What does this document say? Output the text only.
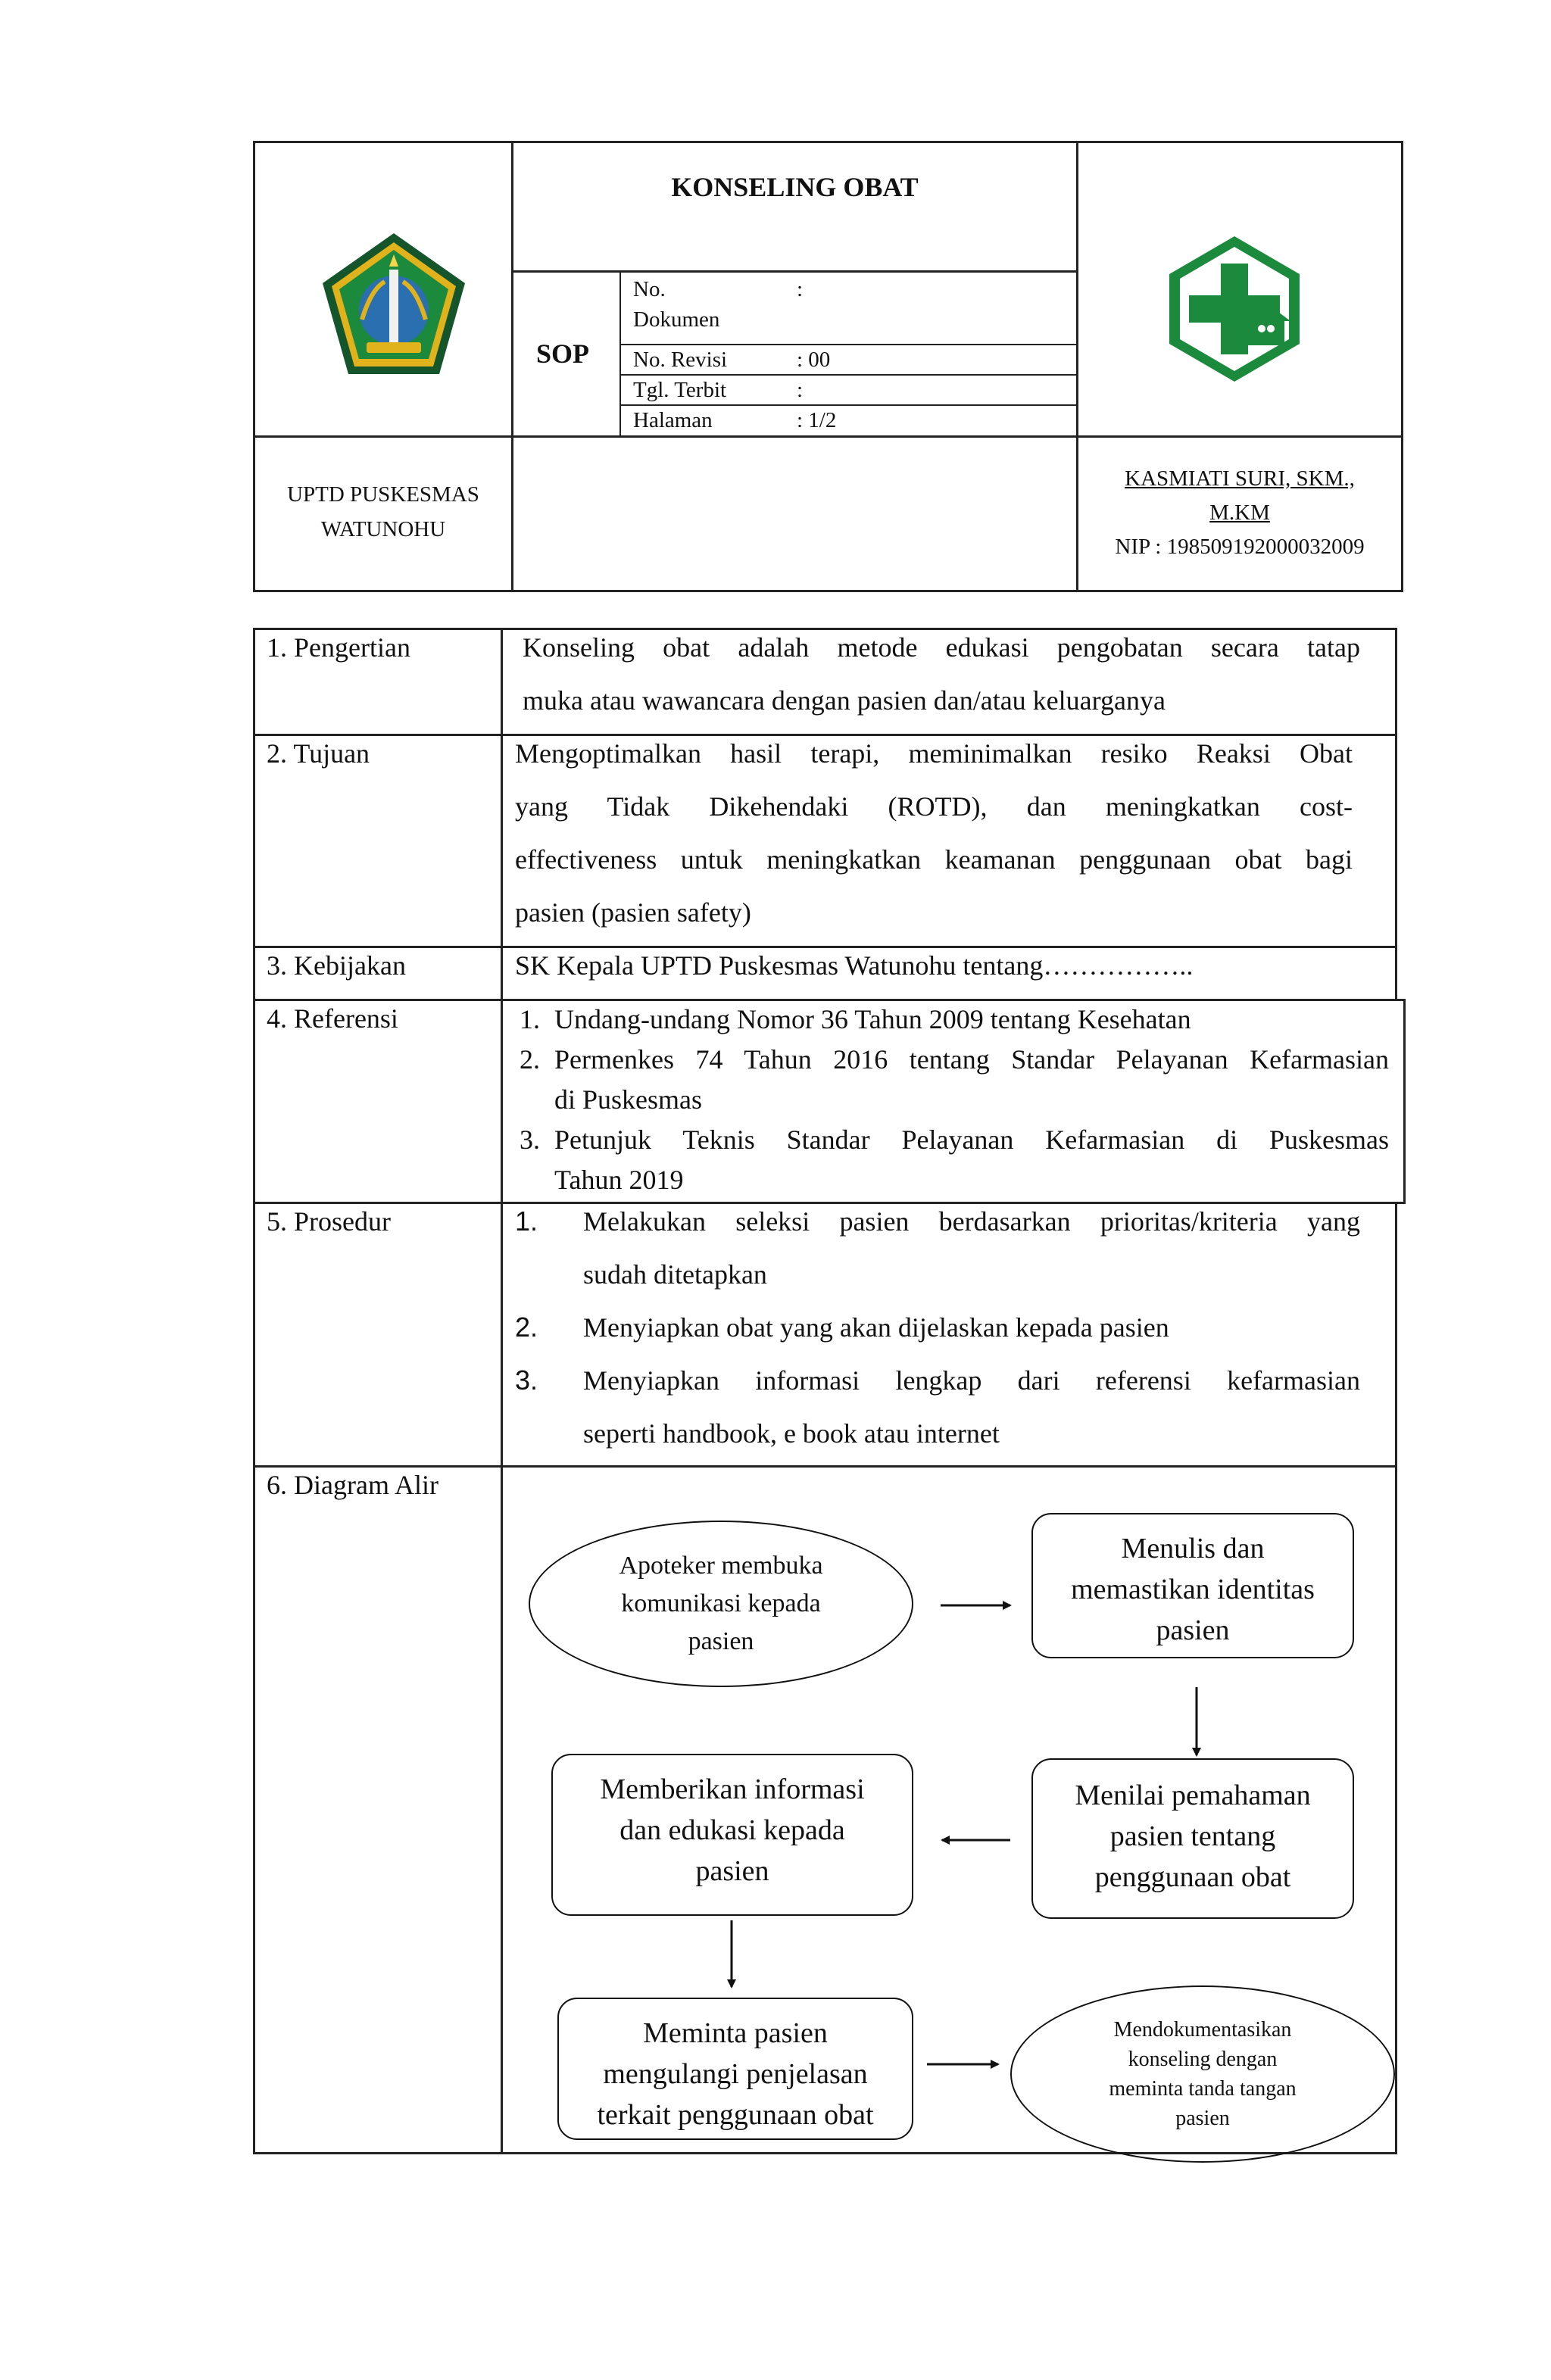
KONSELING OBAT
SOP
No.
Dokumen
:
No. Revisi	: 00
Tgl. Terbit	:
Halaman	: 1/2
UPTD PUSKESMAS
WATUNOHU
KASMIATI SURI, SKM.,
M.KM
NIP : 198509192000032009
1. Pengertian	Konseling obat adalah metode edukasi pengobatan secara tatap
muka atau wawancara dengan pasien dan/atau keluarganya
2. Tujuan	Mengoptimalkan hasil terapi, meminimalkan resiko Reaksi Obat
yang Tidak Dikehendaki (ROTD), dan meningkatkan cost-
effectiveness untuk meningkatkan keamanan penggunaan obat bagi
pasien (pasien safety)
3. Kebijakan	SK Kepala UPTD Puskesmas Watunohu tentang……………..
4. Referensi	1. Undang-undang Nomor 36 Tahun 2009 tentang Kesehatan
2. Permenkes 74 Tahun 2016 tentang Standar Pelayanan Kefarmasian
di Puskesmas
3. Petunjuk Teknis Standar Pelayanan Kefarmasian di Puskesmas
Tahun 2019
5. Prosedur	1.	Melakukan seleksi pasien berdasarkan prioritas/kriteria yang
sudah ditetapkan
2.	Menyiapkan obat yang akan dijelaskan kepada pasien
3.	Menyiapkan informasi lengkap dari referensi kefarmasian
seperti handbook, e book atau internet
6. Diagram Alir
Apoteker membuka
komunikasi kepada
pasien
Menulis dan
memastikan identitas
pasien
Menilai pemahaman
pasien tentang
penggunaan obat
Memberikan informasi
dan edukasi kepada
pasien
Meminta pasien
mengulangi penjelasan
terkait penggunaan obat
Mendokumentasikan
konseling dengan
meminta tanda tangan
pasien
